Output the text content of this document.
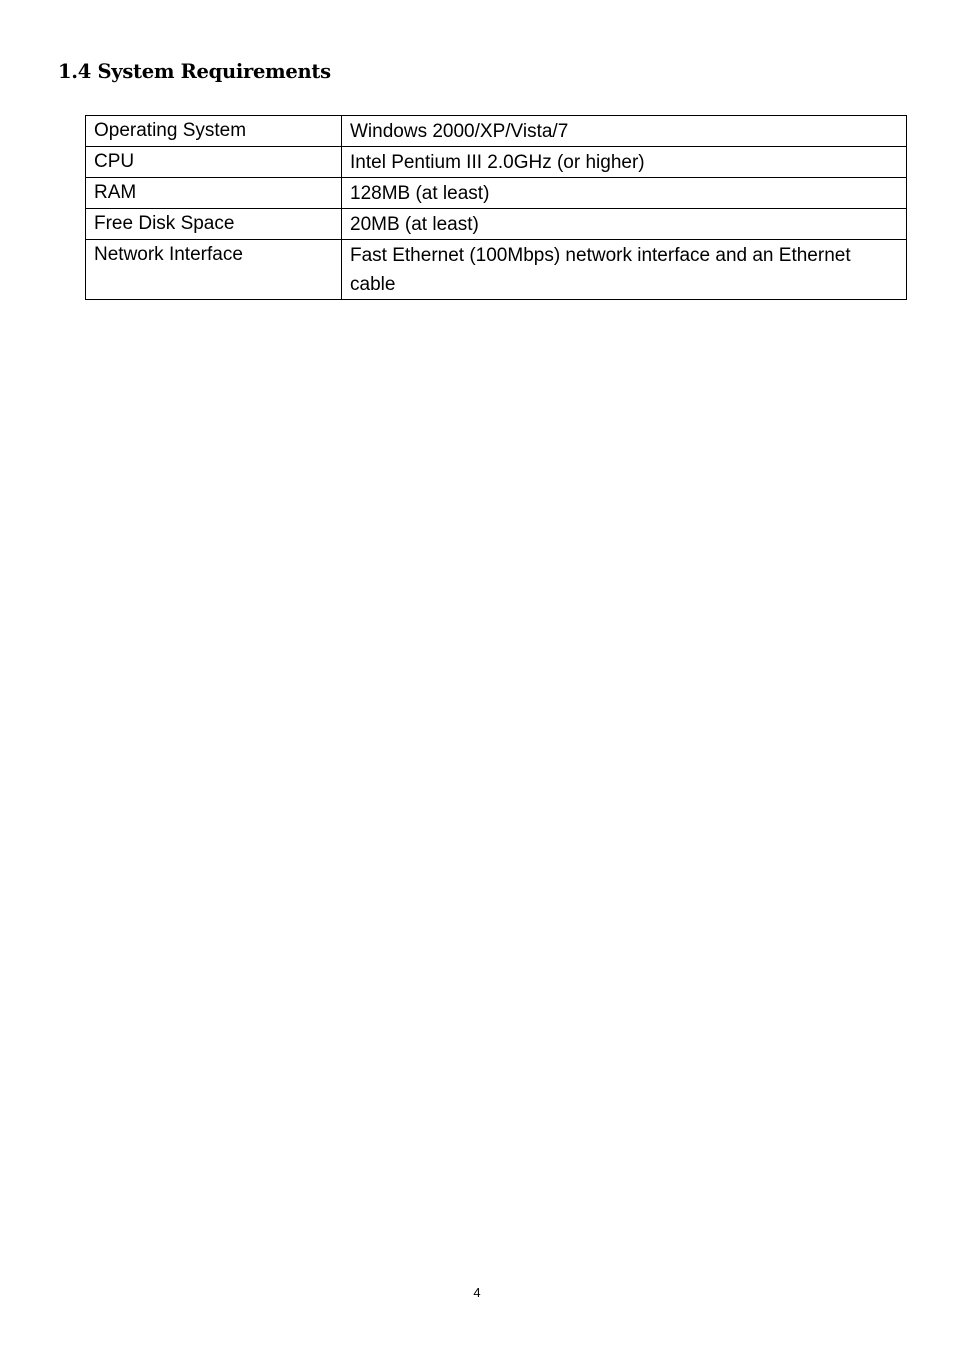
1.4 System Requirements
Operating System	Windows 2000/XP/Vista/7
CPU	Intel Pentium III 2.0GHz (or higher)
RAM	128MB (at least)
Free Disk Space	20MB (at least)
Network Interface	Fast Ethernet (100Mbps) network interface and an Ethernet cable
4
